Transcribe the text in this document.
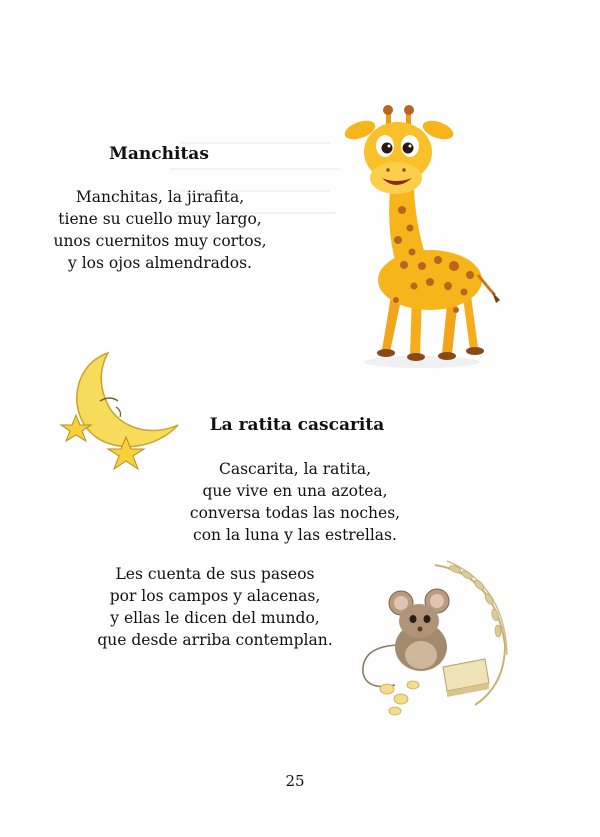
Manchitas
Manchitas, la jirafita,
tiene su cuello muy largo,
unos cuernitos muy cortos,
y los ojos almendrados.
La ratita cascarita
Cascarita, la ratita,
que vive en una azotea,
conversa todas las noches,
con la luna y las estrellas.
Les cuenta de sus paseos
por los campos y alacenas,
y ellas le dicen del mundo,
que desde arriba contemplan.
25
